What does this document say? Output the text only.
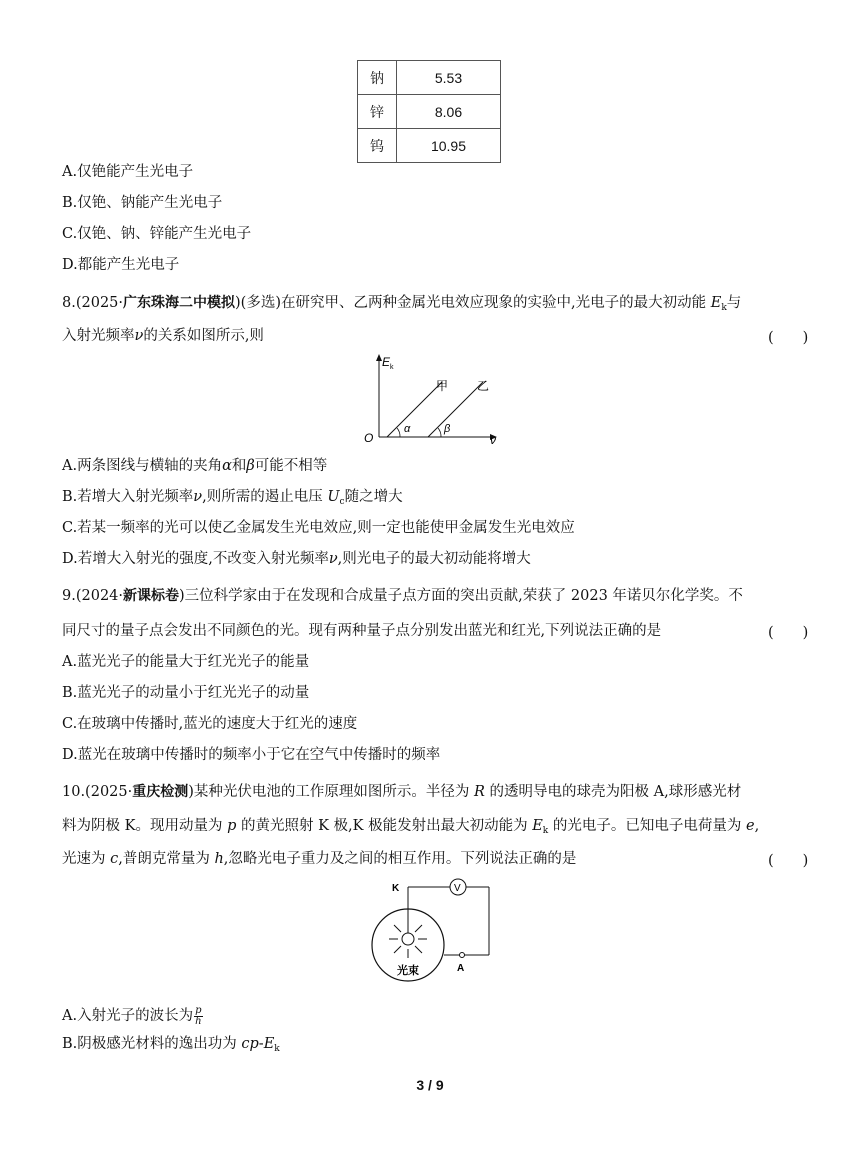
钠	5.53
锌	8.06
钨	10.95
A.仅铯能产生光电子
B.仅铯、钠能产生光电子
C.仅铯、钠、锌能产生光电子
D.都能产生光电子
8.(2025·广东珠海二中模拟)(多选)在研究甲、乙两种金属光电效应现象的实验中,光电子的最大初动能 $E_k$与
入射光频率ν的关系如图所示,则	(　　)
E k
O	ν
甲 乙
α	β
A.两条图线与横轴的夹角α和β可能不相等
B.若增大入射光频率ν,则所需的遏止电压 $U_c$随之增大
C.若某一频率的光可以使乙金属发生光电效应,则一定也能使甲金属发生光电效应
D.若增大入射光的强度,不改变入射光频率ν,则光电子的最大初动能将增大
9.(2024·新课标卷)三位科学家由于在发现和合成量子点方面的突出贡献,荣获了 2023 年诺贝尔化学奖。不
同尺寸的量子点会发出不同颜色的光。现有两种量子点分别发出蓝光和红光,下列说法正确的是	(　　)
A.蓝光光子的能量大于红光光子的能量
B.蓝光光子的动量小于红光光子的动量
C.在玻璃中传播时,蓝光的速度大于红光的速度
D.蓝光在玻璃中传播时的频率小于它在空气中传播时的频率
10.(2025·重庆检测)某种光伏电池的工作原理如图所示。半径为 R 的透明导电的球壳为阳极 A,球形感光材
料为阴极 K。现用动量为 p 的黄光照射 K 极,K 极能发射出最大初动能为 $E_k$ 的光电子。已知电子电荷量为 e,
光速为 c,普朗克常量为 h,忽略光电子重力及之间的相互作用。下列说法正确的是	(　　)
V
A
K
光束
A.入射光子的波长为 $\frac{p}{h}$
B.阴极感光材料的逸出功为 $cp-E_k$
3 / 9
